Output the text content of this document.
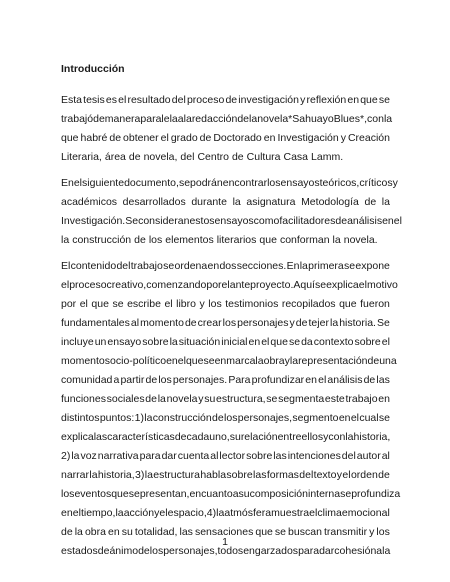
Introducción
Esta tesis es el resultado del proceso de investigación y reflexión en que se
trabajó de manera paralela a la redacción de la novela *Sahuayo Blues*, con la
que habré de obtener el grado de Doctorado en Investigación y Creación
Literaria, área de novela, del Centro de Cultura Casa Lamm.
En el siguiente documento, se podrán encontrar los ensayos teóricos, críticos y
académicos desarrollados durante la asignatura Metodología de la
Investigación. Se consideran estos ensayos como facilitadores de análisis en el
la construcción de los elementos literarios que conforman la novela.
El contenido del trabajo se ordena en dos secciones. En la primera se expone
el proceso creativo, comenzando por el anteproyecto. Aquí se explica el motivo
por el que se escribe el libro y los testimonios recopilados que fueron
fundamentales al momento de crear los personajes y de tejer la historia. Se
incluye un ensayo sobre la situación inicial en el que se da contexto sobre el
momento socio-político en el que se enmarca la obra y la representación de una
comunidad a partir de los personajes. Para profundizar en el análisis de las
funciones sociales de la novela y su estructura, se segmenta este trabajo en
distintos puntos: 1) la construcción de los personajes, segmento en el cual se
explica las características de cada uno, su relación entre ellos y con la historia,
2) la voz narrativa para dar cuenta al lector sobre las intenciones del autor al
narrar la historia, 3) la estructura habla sobre las formas del texto y el orden de
los eventos que se presentan, en cuanto a su composición interna se profundiza
en el tiempo, la acción y el espacio, 4) la atmósfera muestra el clima emocional
de la obra en su totalidad, las sensaciones que se buscan transmitir y los
estados de ánimo de los personajes, todos engarzados para dar cohesión a la
1
